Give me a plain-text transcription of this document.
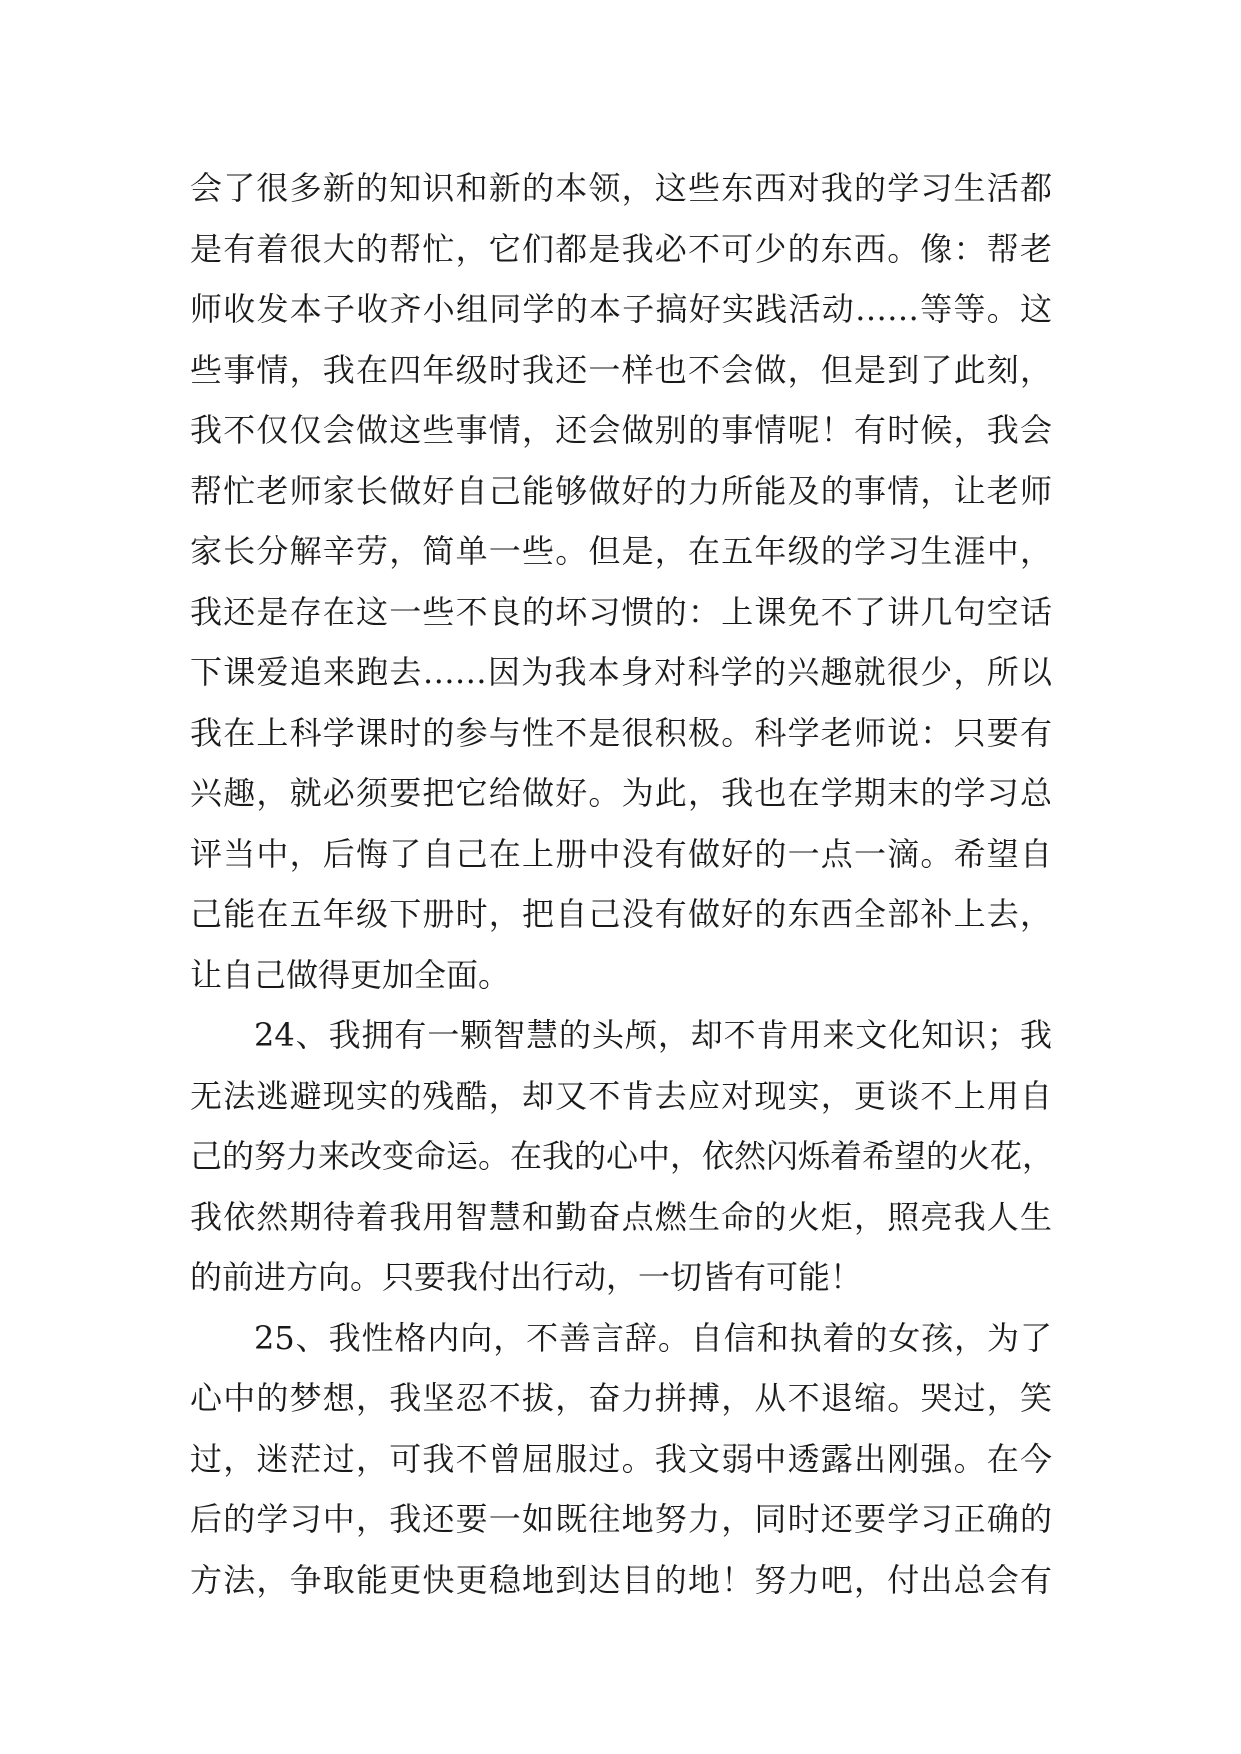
会了很多新的知识和新的本领，这些东西对我的学习生活都
是有着很大的帮忙，它们都是我必不可少的东西。像：帮老
师收发本子收齐小组同学的本子搞好实践活动……等等。这
些事情，我在四年级时我还一样也不会做，但是到了此刻，
我不仅仅会做这些事情，还会做别的事情呢！有时候，我会
帮忙老师家长做好自己能够做好的力所能及的事情，让老师
家长分解辛劳，简单一些。但是，在五年级的学习生涯中，
我还是存在这一些不良的坏习惯的：上课免不了讲几句空话
下课爱追来跑去……因为我本身对科学的兴趣就很少，所以
我在上科学课时的参与性不是很积极。科学老师说：只要有
兴趣，就必须要把它给做好。为此，我也在学期末的学习总
评当中，后悔了自己在上册中没有做好的一点一滴。希望自
己能在五年级下册时，把自己没有做好的东西全部补上去，
让自己做得更加全面。
24、我拥有一颗智慧的头颅，却不肯用来文化知识；我
无法逃避现实的残酷，却又不肯去应对现实，更谈不上用自
己的努力来改变命运。在我的心中，依然闪烁着希望的火花，
我依然期待着我用智慧和勤奋点燃生命的火炬，照亮我人生
的前进方向。只要我付出行动，一切皆有可能！
25、我性格内向，不善言辞。自信和执着的女孩，为了
心中的梦想，我坚忍不拔，奋力拼搏，从不退缩。哭过，笑
过，迷茫过，可我不曾屈服过。我文弱中透露出刚强。在今
后的学习中，我还要一如既往地努力，同时还要学习正确的
方法，争取能更快更稳地到达目的地！努力吧，付出总会有
